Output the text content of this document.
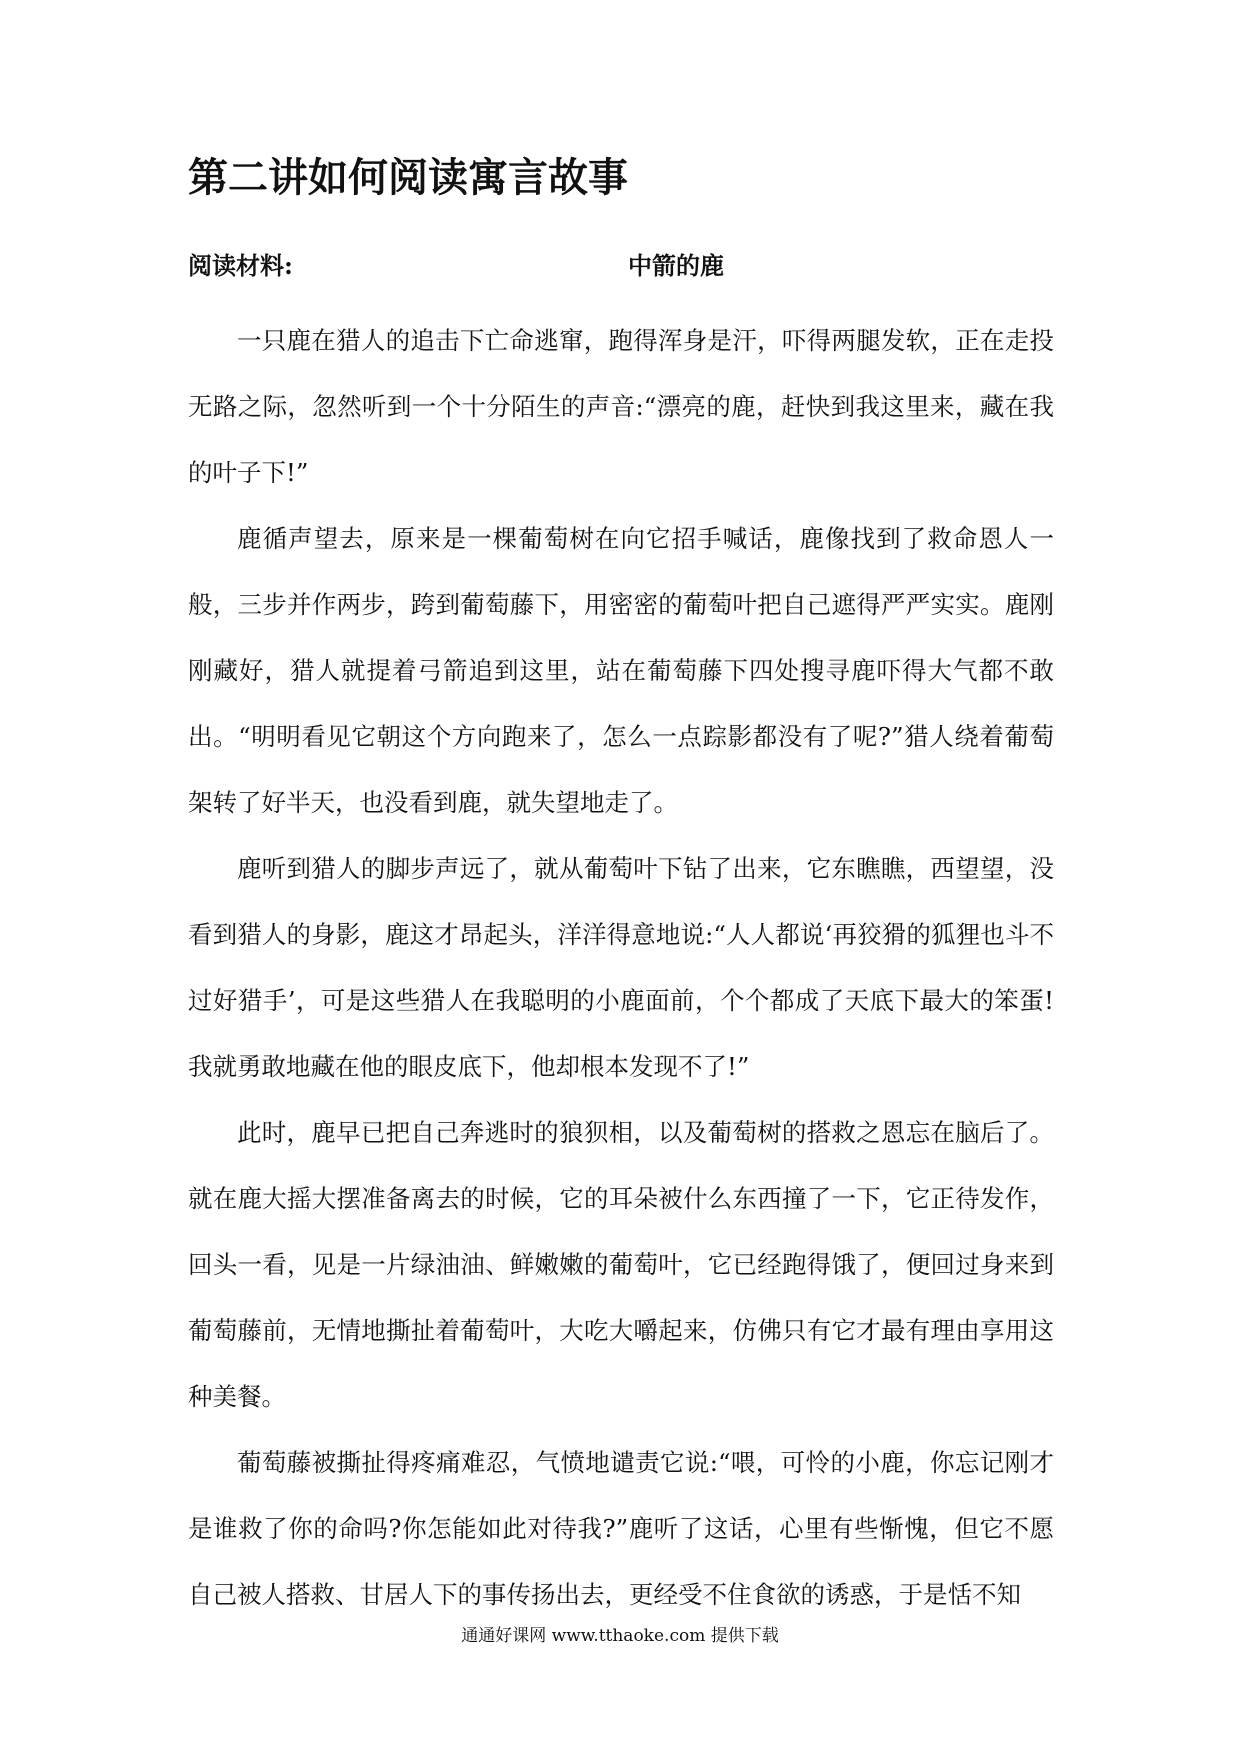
第二讲如何阅读寓言故事
阅读材料:	中箭的鹿

一只鹿在猎人的追击下亡命逃窜，跑得浑身是汗，吓得两腿发软，正在走投无路之际，忽然听到一个十分陌生的声音:“漂亮的鹿，赶快到我这里来，藏在我的叶子下!”

鹿循声望去，原来是一棵葡萄树在向它招手喊话，鹿像找到了救命恩人一般，三步并作两步，跨到葡萄藤下，用密密的葡萄叶把自己遮得严严实实。鹿刚刚藏好，猎人就提着弓箭追到这里，站在葡萄藤下四处搜寻鹿吓得大气都不敢出。“明明看见它朝这个方向跑来了，怎么一点踪影都没有了呢?”猎人绕着葡萄架转了好半天，也没看到鹿，就失望地走了。

鹿听到猎人的脚步声远了，就从葡萄叶下钻了出来，它东瞧瞧，西望望，没看到猎人的身影，鹿这才昂起头，洋洋得意地说:“人人都说‘再狡猾的狐狸也斗不过好猎手’，可是这些猎人在我聪明的小鹿面前，个个都成了天底下最大的笨蛋!我就勇敢地藏在他的眼皮底下，他却根本发现不了!”

此时，鹿早已把自己奔逃时的狼狈相，以及葡萄树的搭救之恩忘在脑后了。就在鹿大摇大摆准备离去的时候，它的耳朵被什么东西撞了一下，它正待发作，回头一看，见是一片绿油油、鲜嫩嫩的葡萄叶，它已经跑得饿了，便回过身来到葡萄藤前，无情地撕扯着葡萄叶，大吃大嚼起来，仿佛只有它才最有理由享用这种美餐。

葡萄藤被撕扯得疼痛难忍，气愤地谴责它说:“喂，可怜的小鹿，你忘记刚才是谁救了你的命吗?你怎能如此对待我?”鹿听了这话，心里有些惭愧，但它不愿自己被人搭救、甘居人下的事传扬出去，更经受不住食欲的诱惑，于是恬不知

通通好课网 www.tthaoke.com 提供下载
